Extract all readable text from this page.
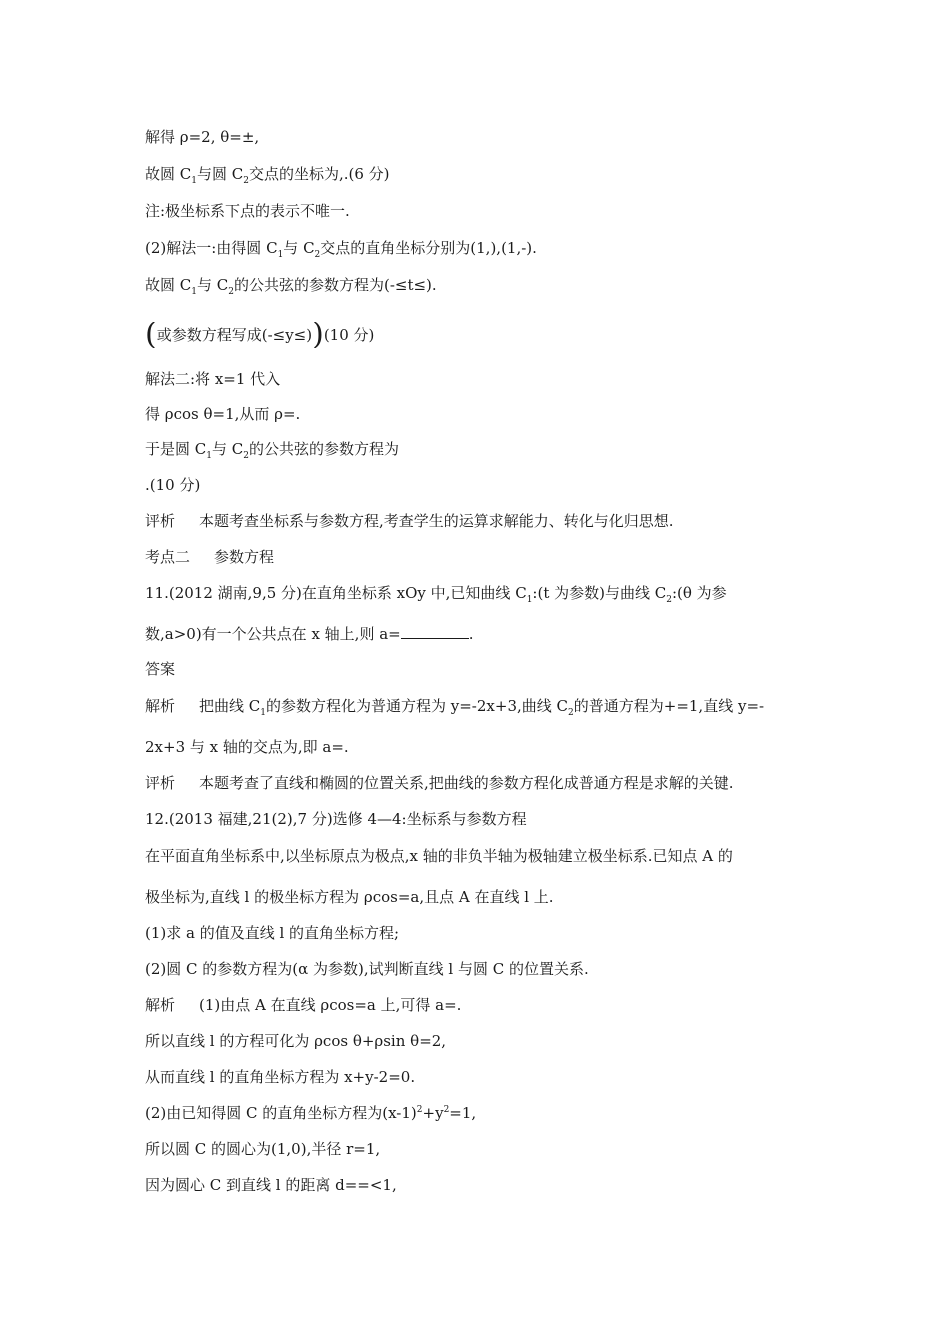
解得 ρ=2, θ=±,
故圆 $C_1$与圆 $C_2$交点的坐标为,.(6 分)
注:极坐标系下点的表示不唯一.
(2)解法一:由得圆 $C_1$与 $C_2$交点的直角坐标分别为(1,),(1,-).
故圆 $C_1$与 $C_2$的公共弦的参数方程为(-≤t≤).
(或参数方程写成(-≤y≤))(10 分)
解法二:将 x=1 代入
得 ρcos θ=1,从而 ρ=.
于是圆 $C_1$与 $C_2$的公共弦的参数方程为
.(10 分)
评析 本题考查坐标系与参数方程,考查学生的运算求解能力、转化与化归思想.
考点二 参数方程
11.(2012 湖南,9,5 分)在直角坐标系 xOy 中,已知曲线 $C_1:(t$ 为参数)与曲线 $C_2:(\theta$ 为参
数,a>0)有一个公共点在 x 轴上,则 a=	.
答案
解析 把曲线 $C_1$的参数方程化为普通方程为 y=-2x+3,曲线 $C_2$的普通方程为+=1,直线 y=-
2x+3 与 x 轴的交点为,即 a=.
评析 本题考查了直线和椭圆的位置关系,把曲线的参数方程化成普通方程是求解的关键.
12.(2013 福建,21(2),7 分)选修 4—4:坐标系与参数方程
在平面直角坐标系中,以坐标原点为极点,x 轴的非负半轴为极轴建立极坐标系.已知点 A 的
极坐标为,直线 l 的极坐标方程为 ρcos=a,且点 A 在直线 l 上.
(1)求 a 的值及直线 l 的直角坐标方程;
(2)圆 C 的参数方程为(α 为参数),试判断直线 l 与圆 C 的位置关系.
解析 (1)由点 A 在直线 ρcos=a 上,可得 a=.
所以直线 l 的方程可化为 ρcos θ+ρsin θ=2,
从而直线 l 的直角坐标方程为 x+y-2=0.
(2)由已知得圆 C 的直角坐标方程为$(x-1)^2+y^2=1$,
所以圆 C 的圆心为(1,0),半径 r=1,
因为圆心 C 到直线 l 的距离 d==<1,
